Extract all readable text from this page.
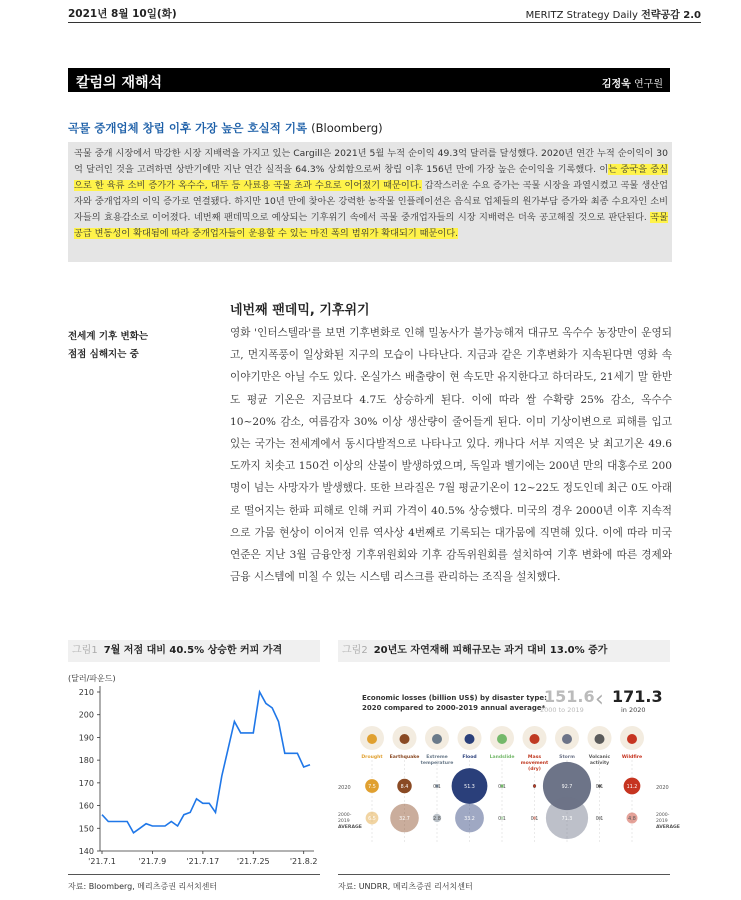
2021년 8월 10일(화)	MERITZ Strategy Daily 전략공감 2.0
칼럼의 재해석	김정욱 연구원
곡물 중개업체 창립 이후 가장 높은 호실적 기록 (Bloomberg)
곡물 중개 시장에서 막강한 시장 지배력을 가지고 있는 Cargill은 2021년 5월 누적 순이익 49.3억 달러를 달성했다. 2020년 연간 누적 순이익이 30억 달러인 것을 고려하면 상반기에만 지난 연간 실적을 64.3% 상회함으로써 창립 이후 156년 만에 가장 높은 순이익을 기록했다. 이는 중국을 중심으로 한 육류 소비 증가가 옥수수, 대두 등 사료용 곡물 초과 수요로 이어졌기 때문이다. 갑작스러운 수요 증가는 곡물 시장을 과열시켰고 곡물 생산업자와 중개업자의 이익 증가로 연결됐다. 하지만 10년 만에 찾아온 강력한 농작물 인플레이션은 음식료 업체들의 원가부담 증가와 최종 수요자인 소비자들의 효용감소로 이어졌다. 네번째 팬데믹으로 예상되는 기후위기 속에서 곡물 중개업자들의 시장 지배력은 더욱 공고해질 것으로 판단된다. 곡물 공급 변동성이 확대됨에 따라 중개업자들이 운용할 수 있는 마진 폭의 범위가 확대되기 때문이다.
네번째 팬데믹, 기후위기
전세계 기후 변화는
점점 심해지는 중
영화 '인터스텔라'를 보면 기후변화로 인해 밀농사가 불가능해져 대규모 옥수수 농장만이 운영되고, 먼지폭풍이 일상화된 지구의 모습이 나타난다. 지금과 같은 기후변화가 지속된다면 영화 속 이야기만은 아닐 수도 있다. 온실가스 배출량이 현 속도만 유지한다고 하더라도, 21세기 말 한반도 평균 기온은 지금보다 4.7도 상승하게 된다. 이에 따라 쌀 수확량 25% 감소, 옥수수 10~20% 감소, 여름감자 30% 이상 생산량이 줄어들게 된다. 이미 기상이변으로 피해를 입고 있는 국가는 전세계에서 동시다발적으로 나타나고 있다. 캐나다 서부 지역은 낮 최고기온 49.6도까지 치솟고 150건 이상의 산불이 발생하였으며, 독일과 벨기에는 200년 만의 대홍수로 200명이 넘는 사망자가 발생했다. 또한 브라질은 7월 평균기온이 12~22도 정도인데 최근 0도 아래로 떨어지는 한파 피해로 인해 커피 가격이 40.5% 상승했다. 미국의 경우 2000년 이후 지속적으로 가뭄 현상이 이어져 인류 역사상 4번째로 기록되는 대가뭄에 직면해 있다. 이에 따라 미국 연준은 지난 3월 금융안정 기후위원회와 기후 감독위원회를 설치하여 기후 변화에 따른 경제와 금융 시스템에 미칠 수 있는 시스템 리스크를 관리하는 조직을 설치했다.
그림1 7월 저점 대비 40.5% 상승한 커피 가격	그림2 20년도 자연재해 피해규모는 과거 대비 13.0% 증가
(달러/파운드)
140
150
160
170
180
190
200
210
'21.7.1	'21.7.9	'21.7.17 '21.7.25	'21.8.2
Economic losses (billion US$) by disaster type:
2020 compared to 2000-2019 annual average*
151.6
2000 to 2019 ‹ 171.3
in 2020
2020
2000-
2019
AVERAGE
2020
2000-
2019
AVERAGE
Drought
7.5
6.5
Earthquake
8.4
32.7
Extreme
temperature
0.1
2.8
Flood
51.3
33.2
Landslide
0.1
0.1
Mass
movement
(dry)
0
0.1
Storm
92.7
71.3
Volcanic
activity
0.1
0.1
Wildfire
11.2
4.8
자료: Bloomberg, 메리츠증권 리서치센터	자료: UNDRR, 메리츠증권 리서치센터
